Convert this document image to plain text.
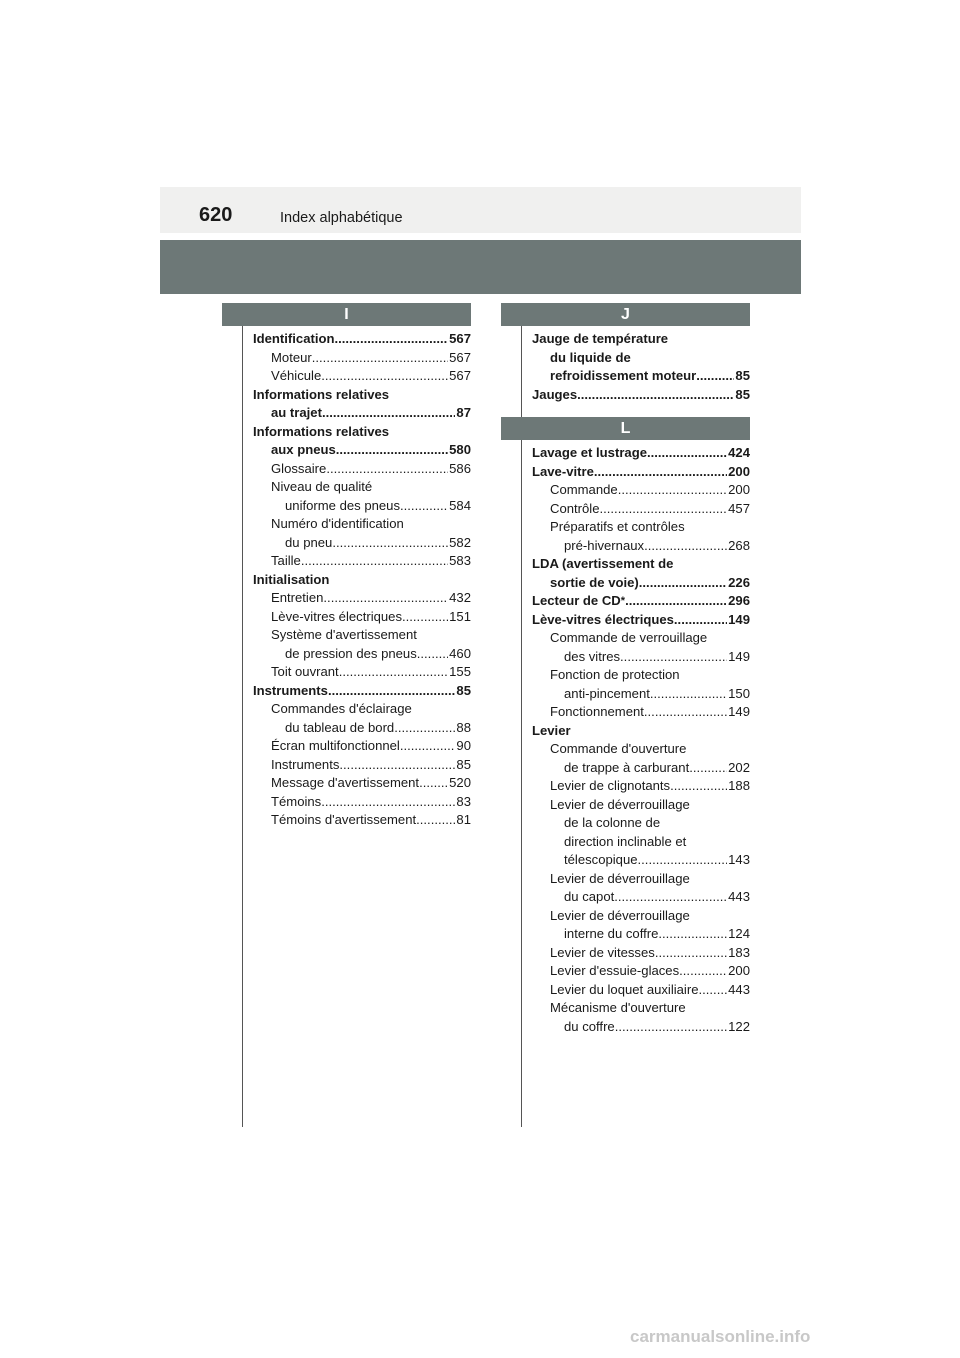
620	Index alphabétique
I
Identification .....	567
Moteur .....	567
Véhicule .....	567
Informations relatives
au trajet .....	87
Informations relatives
aux pneus .....	580
Glossaire .....	586
Niveau de qualité
uniforme des pneus .....	584
Numéro d'identification
du pneu .....	582
Taille .....	583
Initialisation
Entretien .....	432
Lève-vitres électriques .....	151
Système d'avertissement
de pression des pneus ..... 460
Toit ouvrant .....	155
Instruments .....	85
Commandes d'éclairage
du tableau de bord .....	88
Écran multifonctionnel .....	90
Instruments .....	85
Message d'avertissement ..... 520
Témoins .....	83
Témoins d'avertissement .....	81
J
Jauge de température
du liquide de
refroidissement moteur .....	85
Jauges .....	85
L
Lavage et lustrage .....	424
Lave-vitre .....	200
Commande .....	200
Contrôle .....	457
Préparatifs et contrôles
pré-hivernaux .....	268
LDA (avertissement de
sortie de voie) .....	226
Lecteur de CD * .....	296
Lève-vitres électriques .....	149
Commande de verrouillage
des vitres .....	149
Fonction de protection
anti-pincement .....	150
Fonctionnement .....	149
Levier
Commande d'ouverture
de trappe à carburant .....	202
Levier de clignotants .....	188
Levier de déverrouillage
de la colonne de
direction inclinable et
télescopique .....	143
Levier de déverrouillage
du capot .....	443
Levier de déverrouillage
interne du coffre .....	124
Levier de vitesses .....	183
Levier d'essuie-glaces .....	200
Levier du loquet auxiliaire ..... 443
Mécanisme d'ouverture
du coffre .....	122
carmanualsonline.info
